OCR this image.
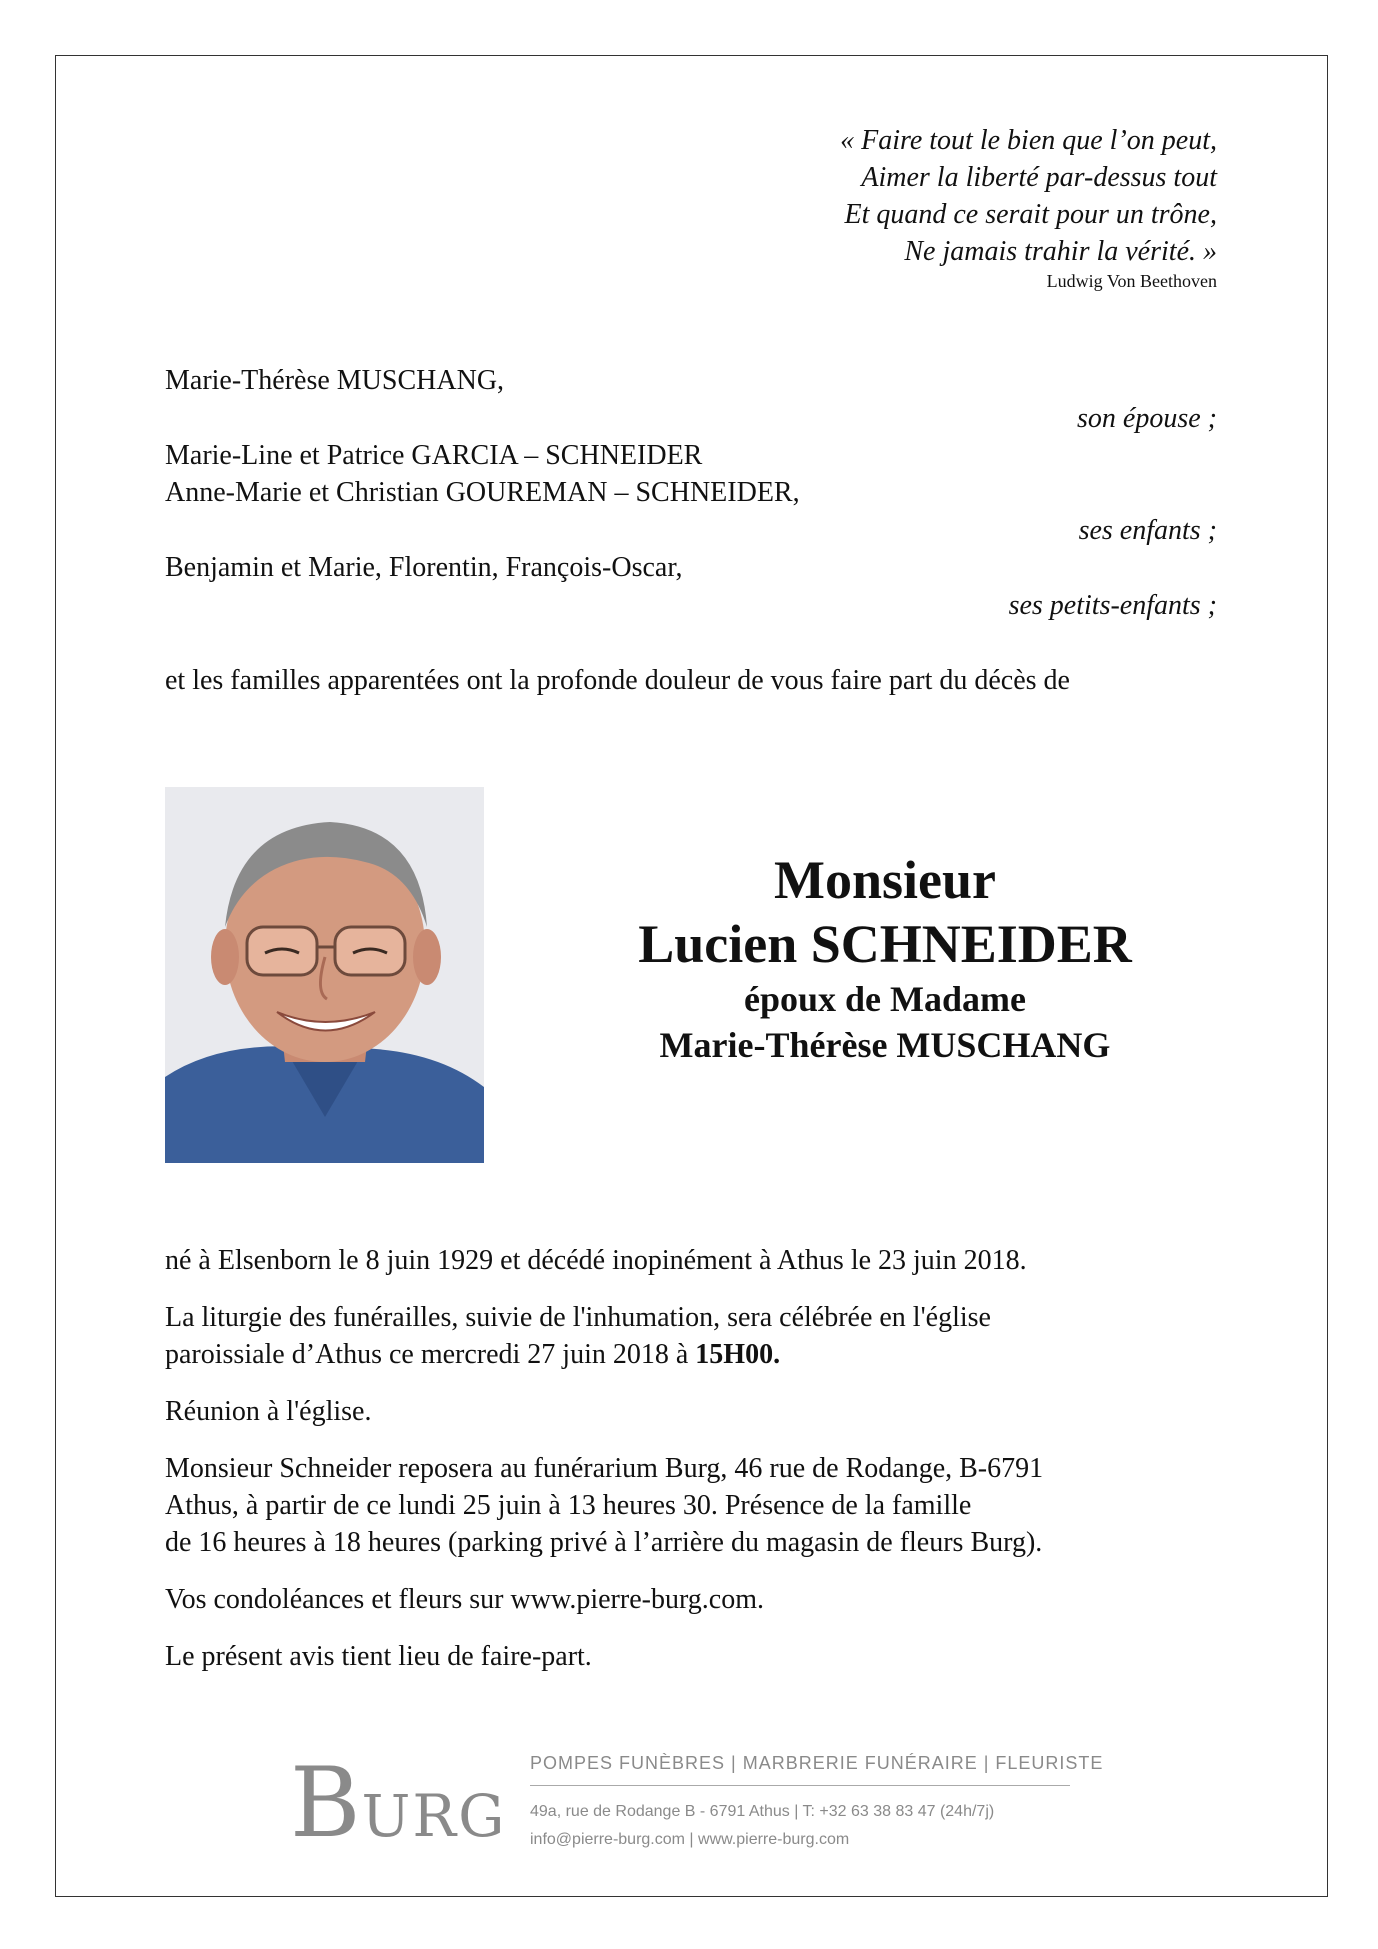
« Faire tout le bien que l’on peut,
Aimer la liberté par-dessus tout
Et quand ce serait pour un trône,
Ne jamais trahir la vérité. »
Ludwig Von Beethoven
Marie-Thérèse MUSCHANG,
son épouse ;
Marie-Line et Patrice GARCIA – SCHNEIDER
Anne-Marie et Christian GOUREMAN – SCHNEIDER,
ses enfants ;
Benjamin et Marie, Florentin, François-Oscar,
ses petits-enfants ;
et les familles apparentées ont la profonde douleur de vous faire part du décès de
Monsieur
Lucien SCHNEIDER
époux de Madame
Marie-Thérèse MUSCHANG

né à Elsenborn le 8 juin 1929 et décédé inopinément à Athus le 23 juin 2018.

La liturgie des funérailles, suivie de l'inhumation, sera célébrée en l'église
paroissiale d’Athus ce mercredi 27 juin 2018 à 15H00.

Réunion à l'église.

Monsieur Schneider reposera au funérarium Burg, 46 rue de Rodange, B-6791
Athus, à partir de ce lundi 25 juin à 13 heures 30. Présence de la famille
de 16 heures à 18 heures (parking privé à l’arrière du magasin de fleurs Burg).

Vos condoléances et fleurs sur www.pierre-burg.com.

Le présent avis tient lieu de faire-part.

BURG
POMPES FUNÈBRES | MARBRERIE FUNÉRAIRE | FLEURISTE
49a, rue de Rodange B - 6791 Athus | T: +32 63 38 83 47 (24h/7j)
info@pierre-burg.com | www.pierre-burg.com
